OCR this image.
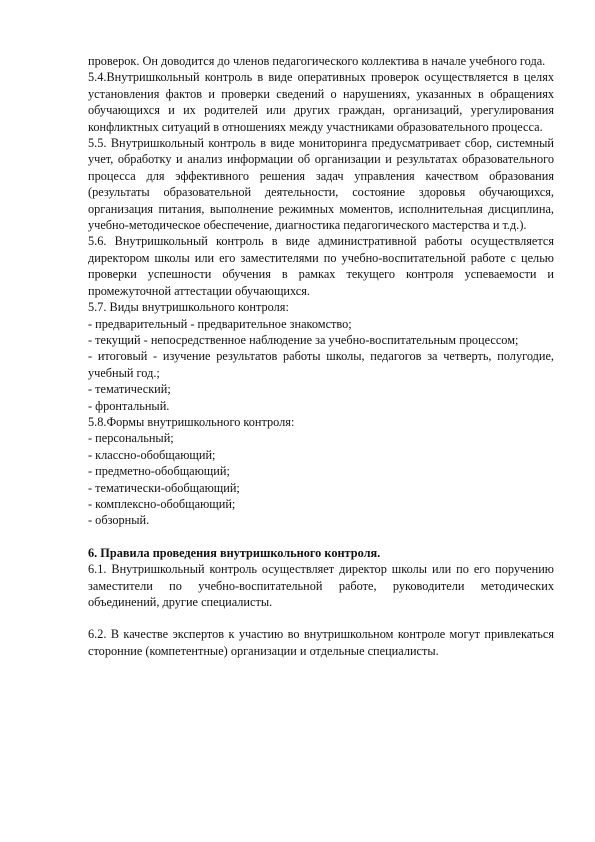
проверок. Он доводится до членов педагогического коллектива в начале учебного года.

5.4.Внутришкольный контроль в виде оперативных проверок осуществляется в целях установления фактов и проверки сведений о нарушениях, указанных в обращениях обучающихся и их родителей или других граждан, организаций, урегулирования конфликтных ситуаций в отношениях между участниками образовательного процесса.

5.5. Внутришкольный контроль в виде мониторинга предусматривает сбор, системный учет, обработку и анализ информации об организации и результатах образовательного процесса для эффективного решения задач управления качеством образования (результаты образовательной деятельности, состояние здоровья обучающихся, организация питания, выполнение режимных моментов, исполнительная дисциплина, учебно-методическое обеспечение, диагностика педагогического мастерства и т.д.).

5.6. Внутришкольный контроль в виде административной работы осуществляется директором школы или его заместителями по учебно-воспитательной работе с целью проверки успешности обучения в рамках текущего контроля успеваемости и промежуточной аттестации обучающихся.

5.7. Виды внутришкольного контроля:

- предварительный - предварительное знакомство;

- текущий - непосредственное наблюдение за учебно-воспитательным процессом;

- итоговый - изучение результатов работы школы, педагогов за четверть, полугодие, учебный год.;

- тематический;

- фронтальный.

5.8.Формы внутришкольного контроля:

- персональный;

- классно-обобщающий;

- предметно-обобщающий;

- тематически-обобщающий;

- комплексно-обобщающий;

- обзорный.

6. Правила проведения внутришкольного контроля.

6.1. Внутришкольный контроль осуществляет директор школы или по его поручению заместители по учебно-воспитательной работе, руководители методических объединений, другие специалисты.

6.2. В качестве экспертов к участию во внутришкольном контроле могут привлекаться сторонние (компетентные) организации и отдельные специалисты.
